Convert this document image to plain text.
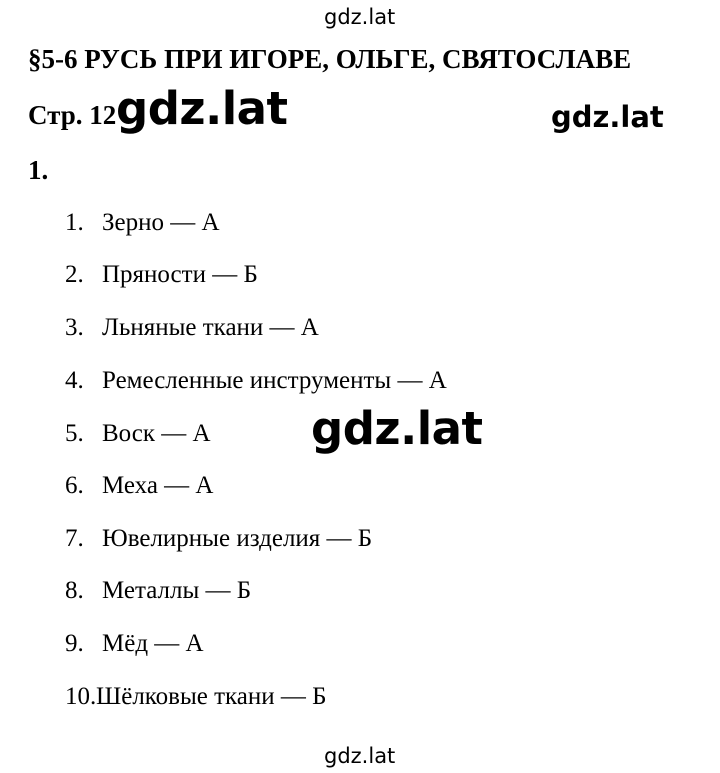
gdz.lat
§5-6 РУСЬ ПРИ ИГОРЕ, ОЛЬГЕ, СВЯТОСЛАВЕ
Стр. 12 gdz.lat	gdz.lat
1.
1. Зерно — А
2. Пряности — Б
3. Льняные ткани — А
4. Ремесленные инструменты — А
5. Воск — А
6. Меха — А
7. Ювелирные изделия — Б
8. Металлы — Б
9. Мёд — А
10. Шёлковые ткани — Б
gdz.lat
gdz.lat
